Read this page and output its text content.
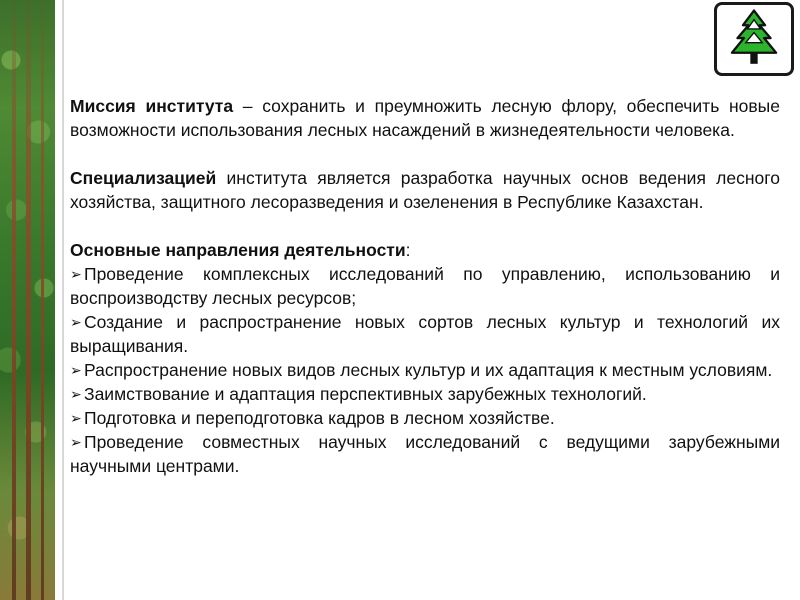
Миссия института – сохранить и преумножить лесную флору, обеспечить новые возможности использования лесных насаждений в жизнедеятельности человека.

Специализацией института является разработка научных основ ведения лесного хозяйства, защитного лесоразведения и озеленения в Республике Казахстан.

Основные направления деятельности:

➢ Проведение комплексных исследований по управлению, использованию и воспроизводству лесных ресурсов;
➢ Создание и распространение новых сортов лесных культур и технологий их выращивания.
➢ Распространение новых видов лесных культур и их адаптация к местным условиям.
➢ Заимствование и адаптация перспективных зарубежных технологий.
➢ Подготовка и переподготовка кадров в лесном хозяйстве.
➢ Проведение совместных научных исследований с ведущими зарубежными научными центрами.
